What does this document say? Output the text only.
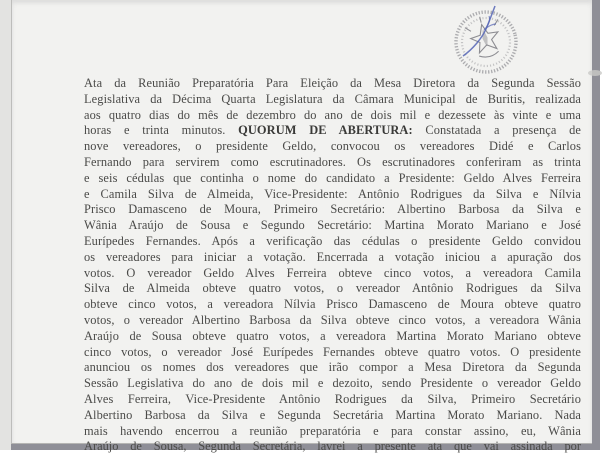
Ata da Reunião Preparatória Para Eleição da Mesa Diretora da Segunda Sessão
Legislativa da Décima Quarta Legislatura da Câmara Municipal de Buritis, realizada
aos quatro dias do mês de dezembro do ano de dois mil e dezessete às vinte e uma
horas e trinta minutos. QUORUM DE ABERTURA: Constatada a presença de
nove vereadores, o presidente Geldo, convocou os vereadores Didé e Carlos
Fernando para servirem como escrutinadores. Os escrutinadores conferiram as trinta
e seis cédulas que continha o nome do candidato a Presidente: Geldo Alves Ferreira
e Camila Silva de Almeida, Vice-Presidente: Antônio Rodrigues da Silva e Nílvia
Prisco Damasceno de Moura, Primeiro Secretário: Albertino Barbosa da Silva e
Wânia Araújo de Sousa e Segundo Secretário: Martina Morato Mariano e José
Eurípedes Fernandes. Após a verificação das cédulas o presidente Geldo convidou
os vereadores para iniciar a votação. Encerrada a votação iniciou a apuração dos
votos. O vereador Geldo Alves Ferreira obteve cinco votos, a vereadora Camila
Silva de Almeida obteve quatro votos, o vereador Antônio Rodrigues da Silva
obteve cinco votos, a vereadora Nílvia Prisco Damasceno de Moura obteve quatro
votos, o vereador Albertino Barbosa da Silva obteve cinco votos, a vereadora Wânia
Araújo de Sousa obteve quatro votos, a vereadora Martina Morato Mariano obteve
cinco votos, o vereador José Eurípedes Fernandes obteve quatro votos. O presidente
anunciou os nomes dos vereadores que irão compor a Mesa Diretora da Segunda
Sessão Legislativa do ano de dois mil e dezoito, sendo Presidente o vereador Geldo
Alves Ferreira, Vice-Presidente Antônio Rodrigues da Silva, Primeiro Secretário
Albertino Barbosa da Silva e Segunda Secretária Martina Morato Mariano. Nada
mais havendo encerrou a reunião preparatória e para constar assino, eu, Wânia
Araújo de Sousa, Segunda Secretária, lavrei a presente ata que vai assinada por
